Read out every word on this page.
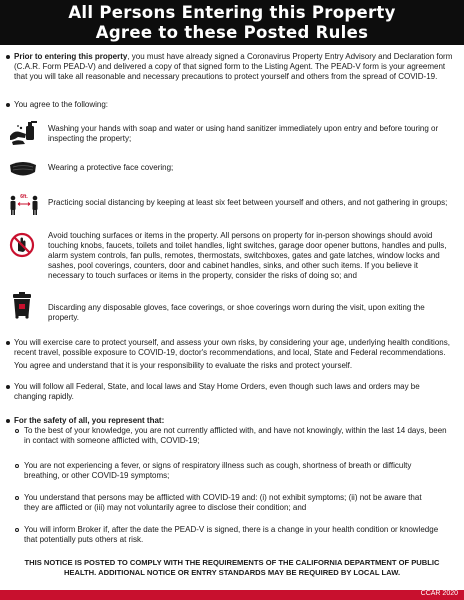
All Persons Entering this Property
Agree to these Posted Rules
Prior to entering this property, you must have already signed a Coronavirus Property Entry Advisory and Declaration form (C.A.R. Form PEAD-V) and delivered a copy of that signed form to the Listing Agent. The PEAD-V form is your agreement that you will take all reasonable and necessary precautions to protect yourself and others from the spread of COVID-19.
You agree to the following:
Washing your hands with soap and water or using hand sanitizer immediately upon entry and before touring or inspecting the property;
Wearing a protective face covering;
6ft.
Practicing social distancing by keeping at least six feet between yourself and others, and not gathering in groups;
Avoid touching surfaces or items in the property. All persons on property for in-person showings should avoid touching knobs, faucets, toilets and toilet handles, light switches, garage door opener buttons, handles and pulls, alarm system controls, fan pulls, remotes, thermostats, switchboxes, gates and gate latches, window locks and sashes, pool coverings, counters, door and cabinet handles, sinks, and other such items. If you believe it necessary to touch surfaces or items in the property, consider the risks of doing so; and
Discarding any disposable gloves, face coverings, or shoe coverings worn during the visit, upon exiting the property.
You will exercise care to protect yourself, and assess your own risks, by considering your age, underlying health conditions, recent travel, possible exposure to COVID-19, doctor's recommendations, and local, State and Federal recommendations.
You agree and understand that it is your responsibility to evaluate the risks and protect yourself.
You will follow all Federal, State, and local laws and Stay Home Orders, even though such laws and orders may be changing rapidly.
For the safety of all, you represent that:
To the best of your knowledge, you are not currently afflicted with, and have not knowingly, within the last 14 days, been in contact with someone afflicted with, COVID-19;
You are not experiencing a fever, or signs of respiratory illness such as cough, shortness of breath or difficulty breathing, or other COVID-19 symptoms;
You understand that persons may be afflicted with COVID-19 and: (i) not exhibit symptoms; (ii) not be aware that they are afflicted or (iii) may not voluntarily agree to disclose their condition; and
You will inform Broker if, after the date the PEAD-V is signed, there is a change in your health condition or knowledge that potentially puts others at risk.
THIS NOTICE IS POSTED TO COMPLY WITH THE REQUIREMENTS OF THE CALIFORNIA DEPARTMENT OF PUBLIC HEALTH. ADDITIONAL NOTICE OR ENTRY STANDARDS MAY BE REQUIRED BY LOCAL LAW.
CCAR 2020
